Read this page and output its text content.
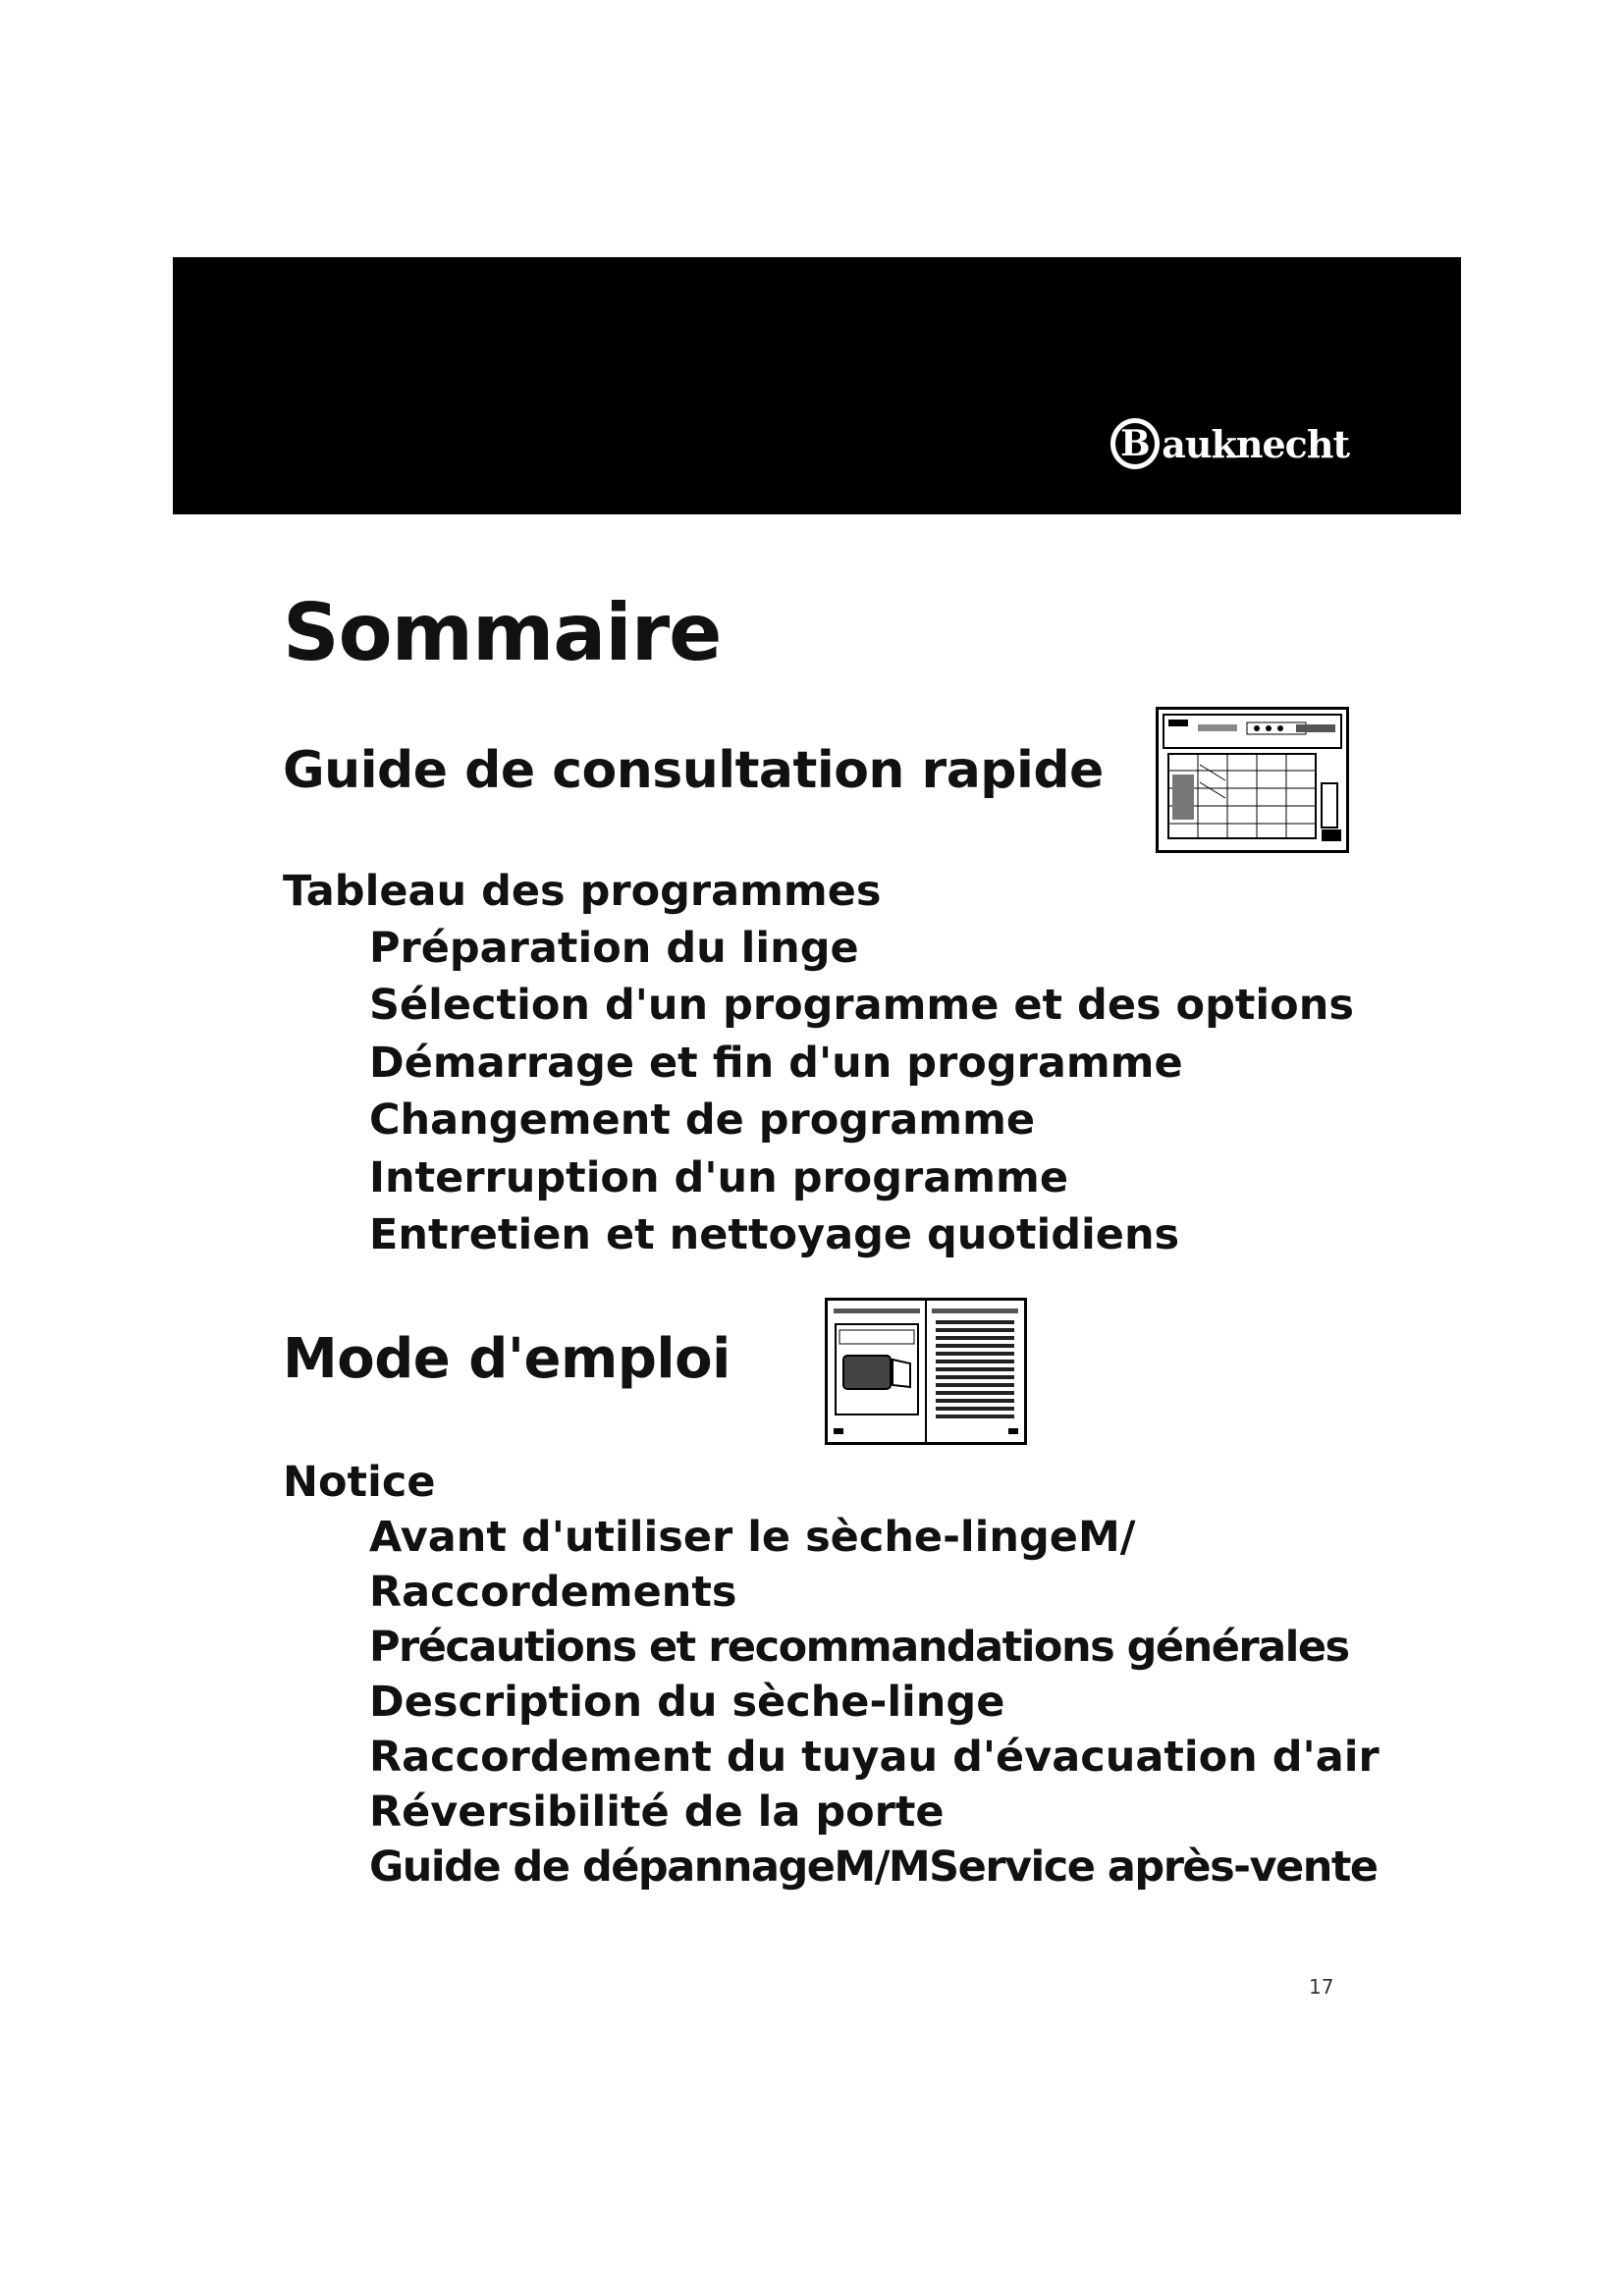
B auknecht
Sommaire
Guide de consultation rapide
Tableau des programmes

Préparation du linge

Sélection d'un programme et des options

Démarrage et fin d'un programme

Changement de programme

Interruption d'un programme

Entretien et nettoyage quotidiens

Mode d'emploi
Notice

Avant d'utiliser le sèche-lingeM/

Raccordements

Précautions et recommandations générales

Description du sèche-linge

Raccordement du tuyau d'évacuation d'air

Réversibilité de la porte

Guide de dépannageM/MService après-vente

17
